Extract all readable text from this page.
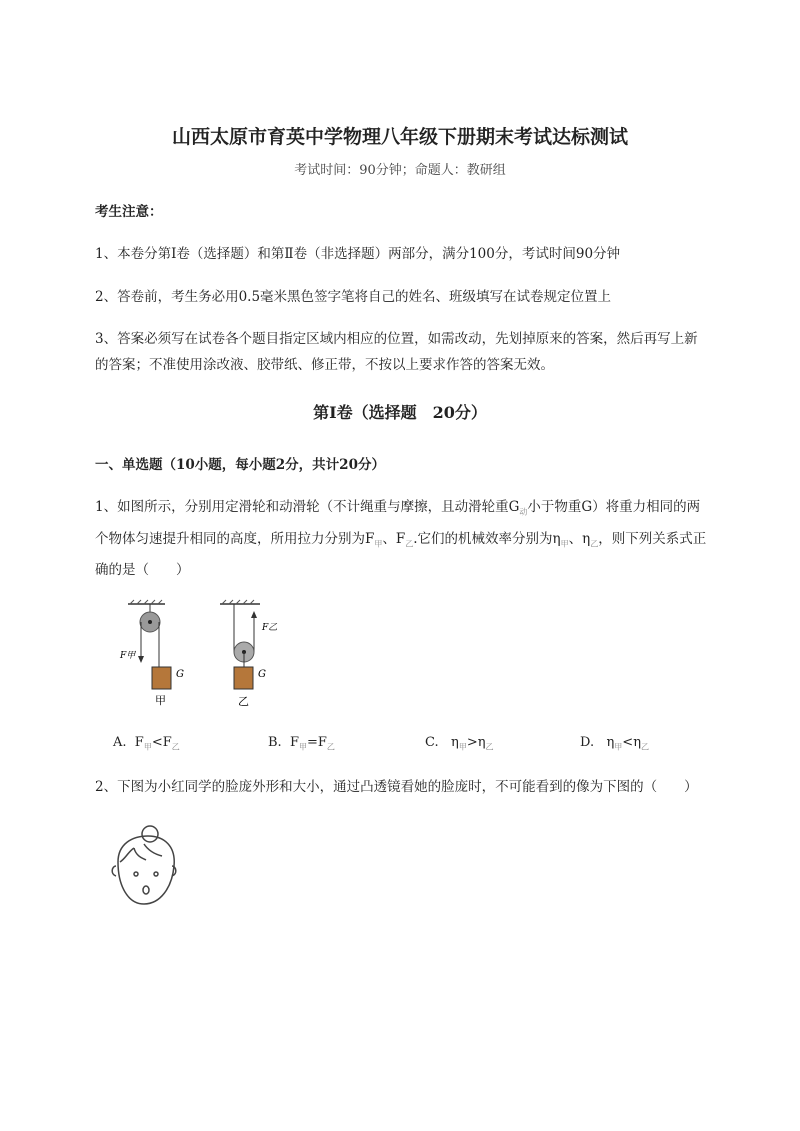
山西太原市育英中学物理八年级下册期末考试达标测试
考试时间：90分钟；命题人：教研组
考生注意：
1、本卷分第I卷（选择题）和第Ⅱ卷（非选择题）两部分，满分100分，考试时间90分钟
2、答卷前，考生务必用0.5毫米黑色签字笔将自己的姓名、班级填写在试卷规定位置上
3、答案必须写在试卷各个题目指定区域内相应的位置，如需改动，先划掉原来的答案，然后再写上新的答案；不准使用涂改液、胶带纸、修正带，不按以上要求作答的答案无效。
第I卷（选择题　20分）
一、单选题（10小题，每小题2分，共计20分）
1、如图所示，分别用定滑轮和动滑轮（不计绳重与摩擦，且动滑轮重$G_动$小于物重G）将重力相同的两个物体匀速提升相同的高度，所用拉力分别为$F_甲$、$F_乙$.它们的机械效率分别为$\eta_甲$、$\eta_乙$，则下列关系式正确的是（　　）
F甲
F乙
G	G
甲	乙
A. $F_甲<F_乙$	B. $F_甲=F_乙$	C. $\eta_甲>\eta_乙$	D. $\eta_甲<\eta_乙$
2、下图为小红同学的脸庞外形和大小，通过凸透镜看她的脸庞时，不可能看到的像为下图的（　　）
